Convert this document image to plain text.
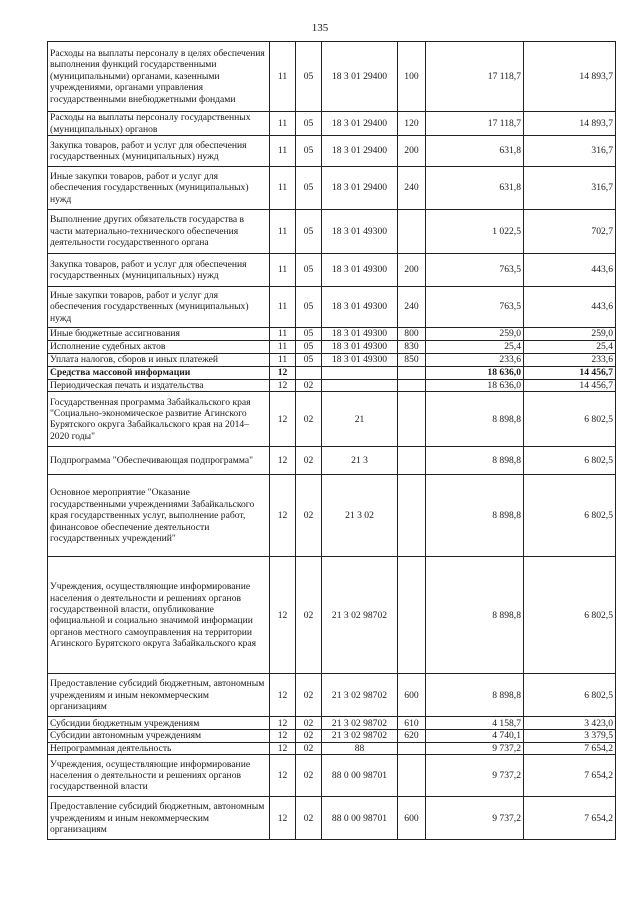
135
Расходы на выплаты персоналу в целях обеспечения выполнения функций государственными (муниципальными) органами, казенными учреждениями, органами управления государственными внебюджетными фондами	11	05	18 3 01 29400	100	17 118,7	14 893,7
Расходы на выплаты персоналу государственных (муниципальных) органов	11	05	18 3 01 29400	120	17 118,7	14 893,7
Закупка товаров, работ и услуг для обеспечения государственных (муниципальных) нужд	11	05	18 3 01 29400	200	631,8	316,7
Иные закупки товаров, работ и услуг для обеспечения государственных (муниципальных) нужд	11	05	18 3 01 29400	240	631,8	316,7
Выполнение других обязательств государства в части материально-технического обеспечения деятельности государственного органа	11	05	18 3 01 49300		1 022,5	702,7
Закупка товаров, работ и услуг для обеспечения государственных (муниципальных) нужд	11	05	18 3 01 49300	200	763,5	443,6
Иные закупки товаров, работ и услуг для обеспечения государственных (муниципальных) нужд	11	05	18 3 01 49300	240	763,5	443,6
Иные бюджетные ассигнования	11	05	18 3 01 49300	800	259,0	259,0
Исполнение судебных актов	11	05	18 3 01 49300	830	25,4	25,4
Уплата налогов, сборов и иных платежей	11	05	18 3 01 49300	850	233,6	233,6
Средства массовой информации	12				18 636,0	14 456,7
Периодическая печать и издательства	12	02			18 636,0	14 456,7
Государственная программа Забайкальского края "Социально-экономическое развитие Агинского Бурятского округа Забайкальского края на 2014–2020 годы"	12	02	21		8 898,8	6 802,5
Подпрограмма "Обеспечивающая подпрограмма"	12	02	21 3		8 898,8	6 802,5
Основное мероприятие "Оказание государственными учреждениями Забайкальского края государственных услуг, выполнение работ, финансовое обеспечение деятельности государственных учреждений"	12	02	21 3 02		8 898,8	6 802,5
Учреждения, осуществляющие информирование населения о деятельности и решениях органов государственной власти, опубликование официальной и социально значимой информации органов местного самоуправления на территории Агинского Бурятского округа Забайкальского края	12	02	21 3 02 98702		8 898,8	6 802,5
Предоставление субсидий бюджетным, автономным учреждениям и иным некоммерческим организациям	12	02	21 3 02 98702	600	8 898,8	6 802,5
Субсидии бюджетным учреждениям	12	02	21 3 02 98702	610	4 158,7	3 423,0
Субсидии автономным учреждениям	12	02	21 3 02 98702	620	4 740,1	3 379,5
Непрограммная деятельность	12	02	88		9 737,2	7 654,2
Учреждения, осуществляющие информирование населения о деятельности и решениях органов государственной власти	12	02	88 0 00 98701		9 737,2	7 654,2
Предоставление субсидий бюджетным, автономным учреждениям и иным некоммерческим организациям	12	02	88 0 00 98701	600	9 737,2	7 654,2
